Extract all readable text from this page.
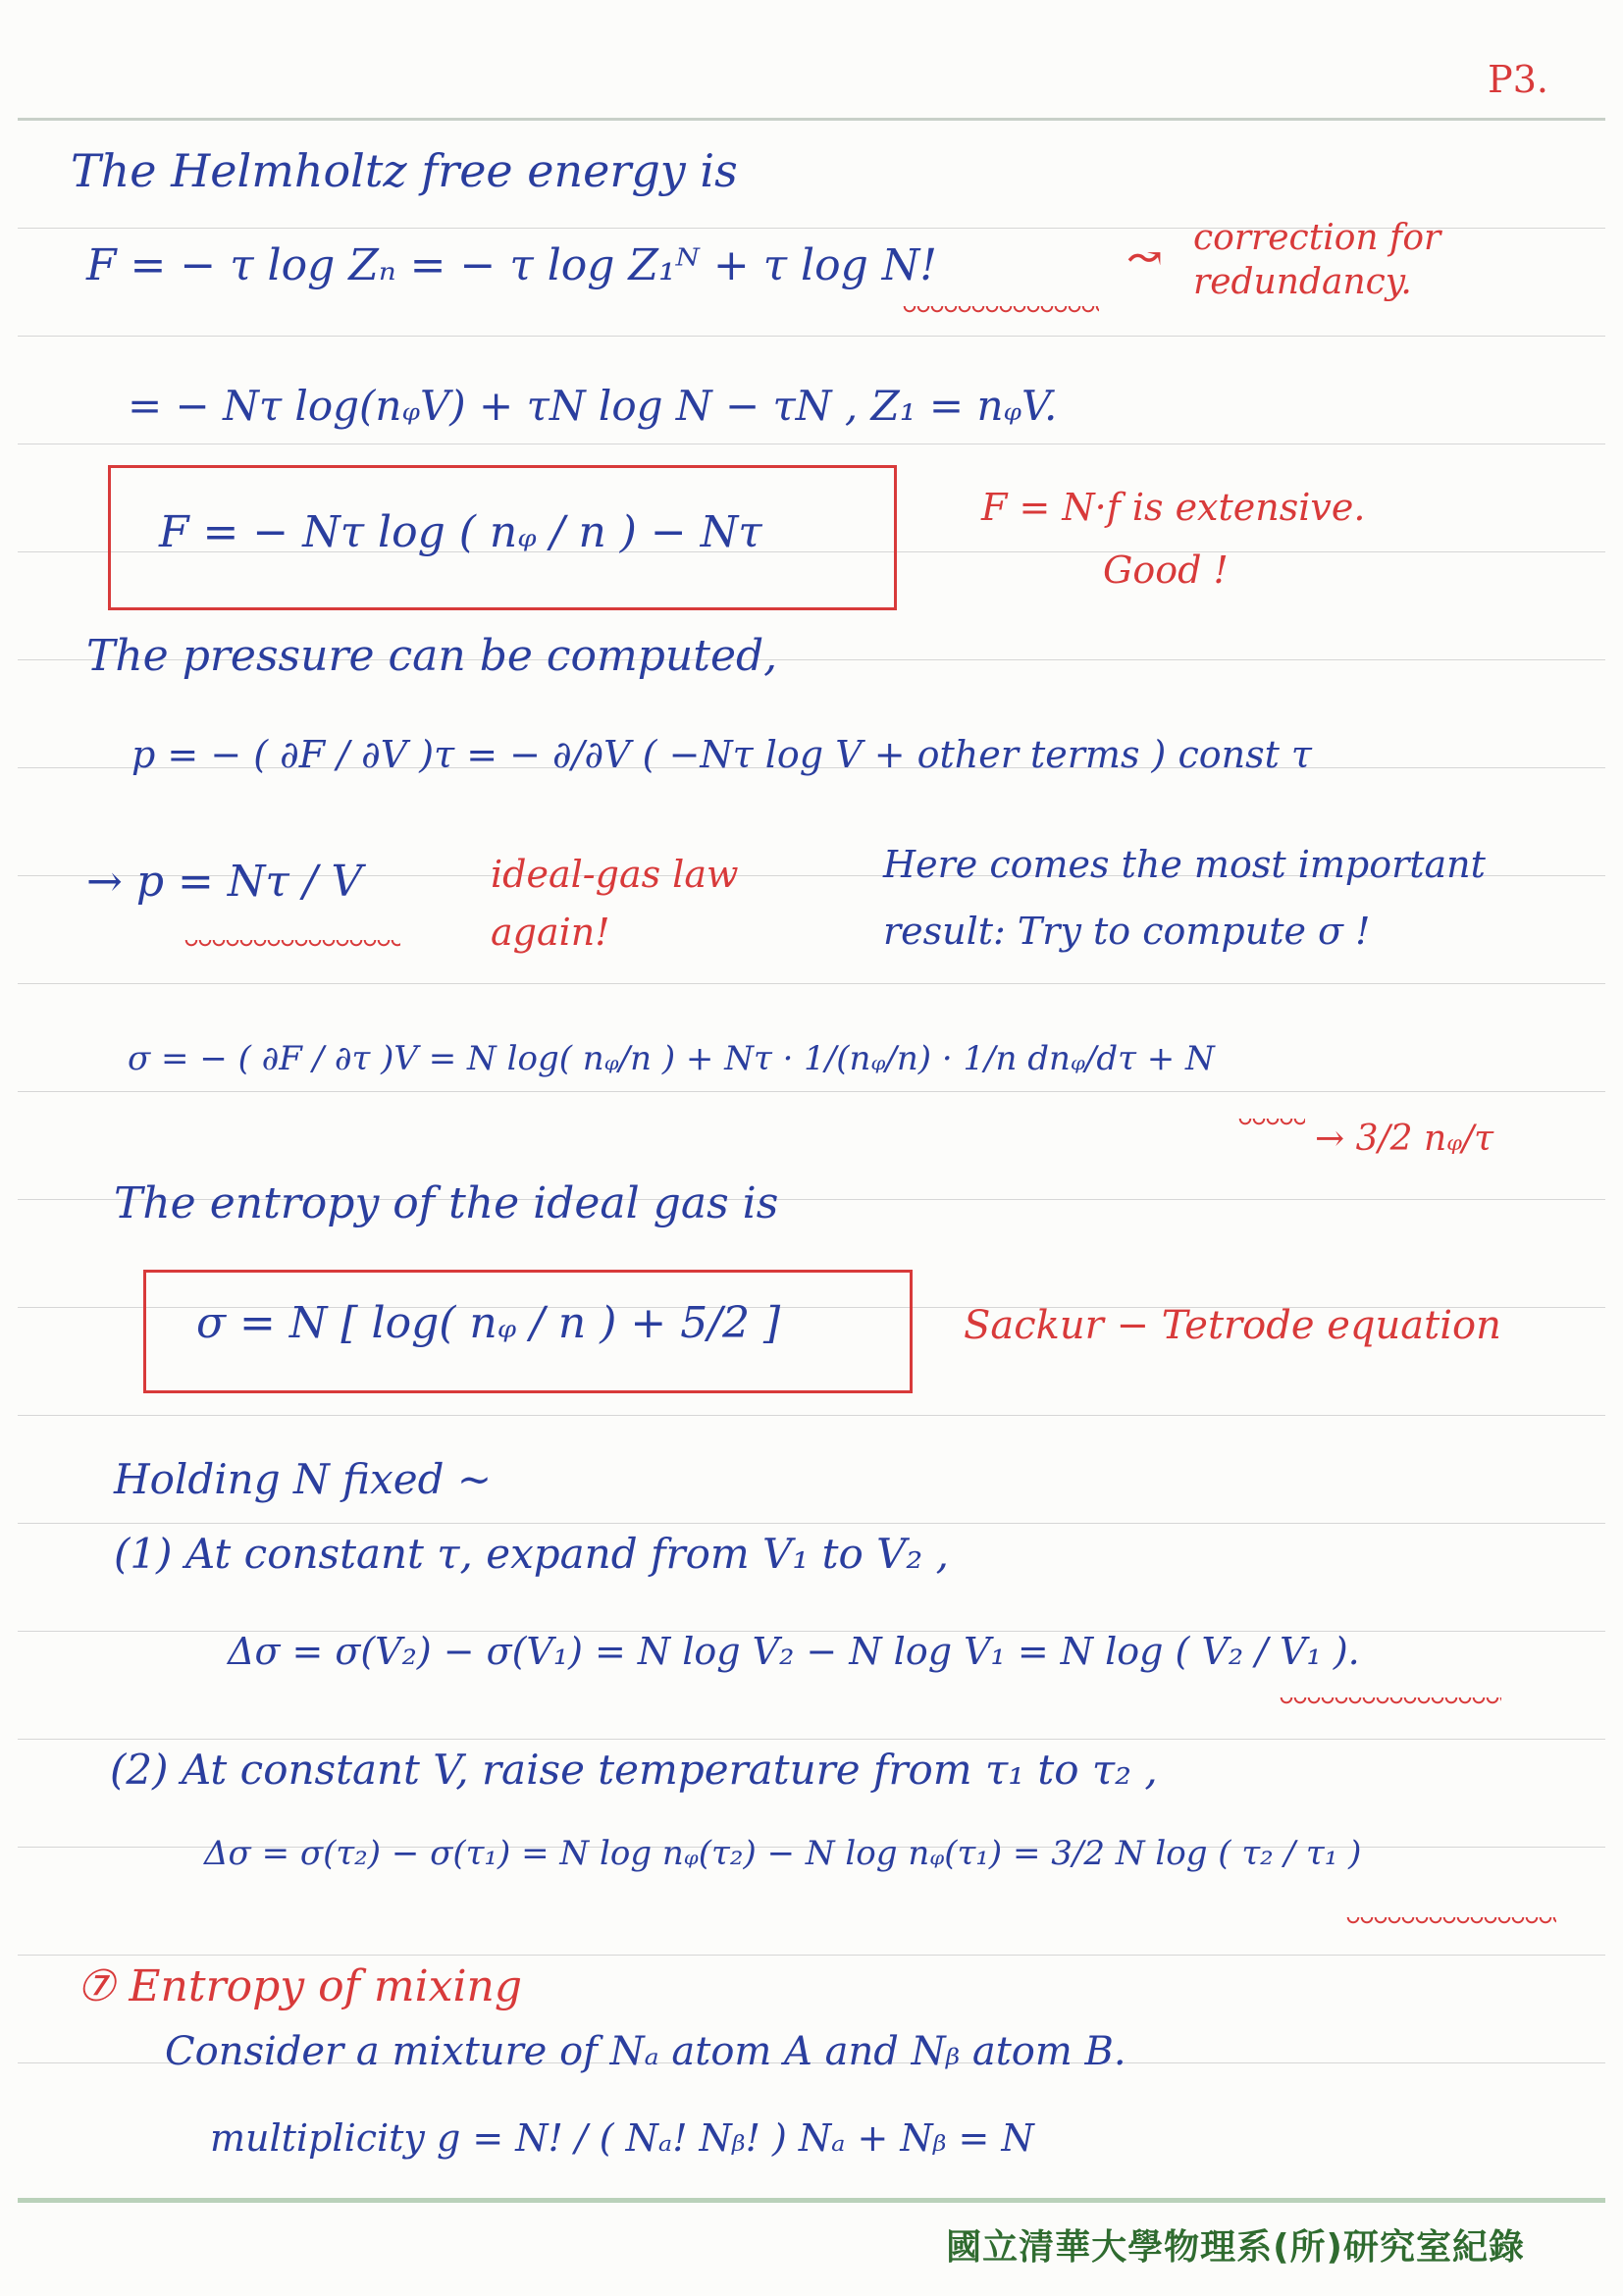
P3.
The Helmholtz free energy is
F = − τ log Zₙ = − τ log Z₁ᴺ + τ log N!	↝ correction for redundancy.
= − Nτ log(nᵩV) + τN log N − τN , Z₁ = nᵩV.
F = − Nτ log ( nᵩ / n ) − Nτ	F = N·f is extensive.
Good !
The pressure can be computed,
p = − ( ∂F / ∂V )τ = − ∂/∂V ( −Nτ log V + other terms ) const τ
→ p = Nτ / V	ideal-gas law again!
Here comes the most important
result: Try to compute σ !
σ = − ( ∂F / ∂τ )V = N log( nᵩ/n ) + Nτ · 1/(nᵩ/n) · 1/n dnᵩ/dτ + N
→ 3/2 nᵩ/τ
The entropy of the ideal gas is
σ = N [ log( nᵩ / n ) + 5/2 ]	Sackur − Tetrode equation
Holding N fixed ~
(1) At constant τ, expand from V₁ to V₂ ,
Δσ = σ(V₂) − σ(V₁) = N log V₂ − N log V₁ = N log ( V₂ / V₁ ).
(2) At constant V, raise temperature from τ₁ to τ₂ ,
Δσ = σ(τ₂) − σ(τ₁) = N log nᵩ(τ₂) − N log nᵩ(τ₁) = 3/2 N log ( τ₂ / τ₁ )
⑦ Entropy of mixing
Consider a mixture of Nₐ atom A and Nᵦ atom B.
multiplicity g = N! / ( Nₐ! Nᵦ! ) Nₐ + Nᵦ = N
國立清華大學物理系(所)研究室紀錄
